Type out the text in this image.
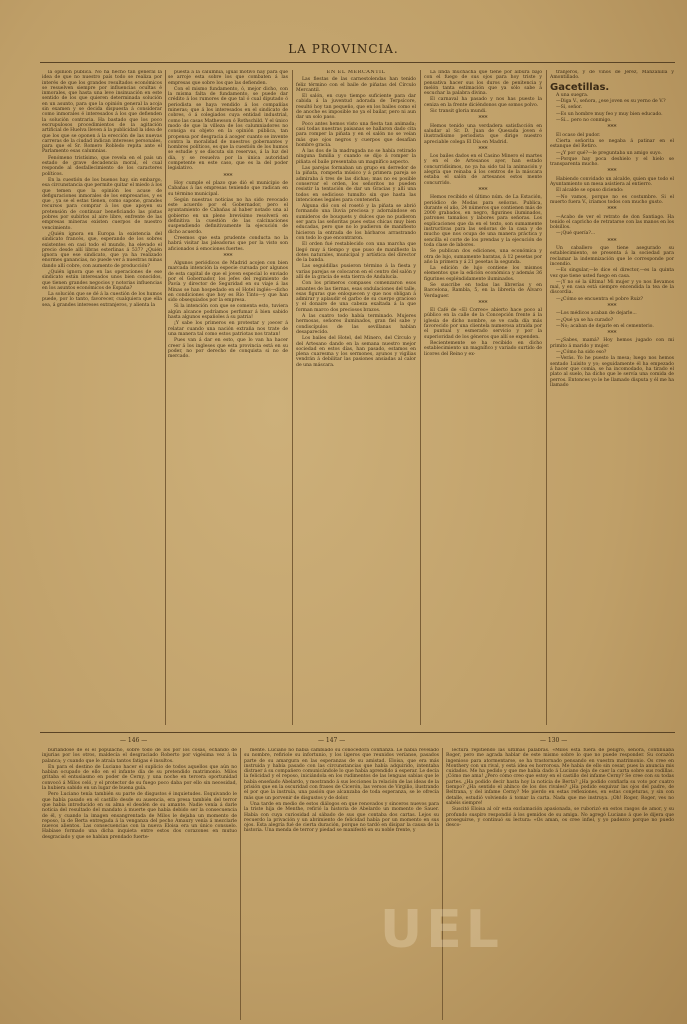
LA PROVINCIA.

la opinión pública. No ha hecho tan general la idea de que no nuestro país todo se realiza por interés de que los grandes resultados económicos se resuelven siempre por influencias ocultas é inmorales, que hasta una leve insinuación en este sentido de los que quieren determinada solución en un asunto, para que la opinión general la acoja sin examen y se decida dispuesta á considerar como inmorales é interesados á los que defienden la solución contraria. Ha bastado que los poco escrupulosos procedimientos de la agitación artificial de Huelva lleven á la publicidad la idea de que los que se oponen á la erección de las nuevas carreras de la ciudad indican intereses personales, para que el Sr. Romero Robledo repita ante el Parlamento esas calumnias.

Fenómeno tristísimo, que revela en el país un estado de grave decadencia moral, el cual responde al desfallecimiento de los caracteres políticos.

En la cuestión de los buenos hay, sin embargo, esa circunstancia que permite quitar el miedo á los que temen que la opinión les acuse de defiguraciones inmorales de los empresarios, y es que , ya se el estas tienen, como sapone, grandes recursos para comprar á los que apoyen su pretensión de continuar beneficiando las pistas pobres por subirlos al aire libre, enfrente de las empresas mineras existen cuerpos de nuestro vencimiento.

¿Quién ignora en Europa la existencia del sindicato francés, que, esperando de los sobres existentes en casi todo el mundo, ha elevado el precio desde allí libras esterlinas á 537? ¿Quién ignora que ese sindicato, que ya ha realizado enormes ganancias, no puede ver á nuestras minas dando allí cobre, con aumento de producción?

¿Quién ignora que en las operaciones de ese sindicato están interesados unos bien conocidos, que tienen grandes negocios y notorias influencias en los asuntos económicos de España?

La solución que se dé á la cuestión de los humos puede, por lo tanto, favorecer, cualquiera que ella sea, á grandes intereses extranjeros, y alienta la

puesta á la calumnia, igual motivo hay para que se arroje esta sobre los que combaten á las empresas que sobre los que las defienden.

Con el mismo fundamento, ó, mejor dicho, con la misma falta de fundamento, se puede dar crédito á los rumores de que tal ó cual diputado ó periodista se haya vendido á los compañías mineras; que á los interesados en el sindicato de cobres, ó á colegiados cuya entidad industrial, como las casas Mathewson ó Rothschild. Y el único modo de que la villeza de los calumniadores no consiga su objeto en la opinión pública, tan propensa por desgracia á acoger cuanto se invente contra la moralidad de nuestros gobernantes y hombres políticos, es que la cuestión de los humos se estudie y se discuta sin reservas, á la luz del día, y se resuelva por la única autoridad competente en este caso, que es la del poder legislativo.

***

Hoy cumple el plazo que dió el municipio de Cabañas á las empresas teniendo que radican en su término municipal.

Según nuestras noticias no ha sido revocado este acuerdo por el Gobernador, pero el ayuntamiento de Cabañas al haber notado una al gobierno en un pleno brevísimo resolverá en definitiva la cuestión de las calcinaciones suspendiendo definitivamente la ejecución de dicho acuerdo.

Creemos que esta prudente conducta no la habrá visitar las jaleadoras que por la visto son aficionados á emociones fuertes.

***

Algunos periódicos de Madrid acojen con bien marcada intención la especie cursada por algunos de esta capital de que el joven especial lo enviado por el Gobernador, los jefes del regimiento de Pavía y director de Seguridad en su viaje á las Minas se han hospedado en el Hotel inglés—dicho en condiciones que hoy es Río Tinto—y que han sido obsequiados por la empresa.

Si la intención con que se comenta esto, tuviera algún alcance podríamos perfumar á bien sabido hasta algunos españoles á su patria!

¡Y sabe los primeros en protestar y ¡oecer á relatar cuando una nación extraña nos trate de una manera tal como estos patriotas nos tratan!

Pues van á dar en esto, que lo van ha hacer creer á los ingleses que esta provincia está en su poder, no por derecho de conquista si no de mercado.

EN EL MERCANTIL

Las fiestas de las carnestolendas han tenido feliz término con el baile de piñatas del Círculo Mercantil.

El salón, en cuyo tiempo suficiente para dar cabida á la juventud adorada de Terpsícore, resultó hoy tan pequeño, que en los bailes como el de anoche es imposible no ya el bailar, pero ni aun dar un solo paso.

Poco antes hemos visto una fiesta tan animada; casi todas nuestras paisanas se hallaron dado cita para romper la piñata y en el salón no se veían más que ojos negros y cuerpos que desafían hombre gracia.

Á las dos de la madrugada no se había retirado ninguna familia y cuando se dijo á romper la piñata el baile presentaba un magnífico aspecto.

Las parejas formaban un grupo en derredor de la piñata, romperla músico y á primera pareja se admiraba á tres de las dichas; mas no es posible conservar el orden, los señoritos no pueden resistir la tentación de dar un Gracias y allí una todos en sedicioso tumulto sin que hasta las intenciones legales para contenerla.

Alguna dió con el rosetó y la piñata se abrió formando una lluvia preciosa y adornándose en sumideros de bouquets y dulces que no pudieron ser para las señoritas pues estas chicas muy bien educadas, pero que no lo pudieron de manifiesto hicieron la entrada de los bárbaros arrastrando con todo lo que encontraron.

El orden fué restablecido con una marcha que llegó muy á tiempo y que puso de manifiesto la dotes naturales, municipal y artística del director de la banda.

Las seguidillas pusieron término á la fiesta y varias parejas se colocaron en el centro del salón y allí de la gracia de esta tierra de Andalucía.

Con los primeros compases comenzaron esos amantes de las tiernas, esas ondulaciones del talle, esas figuras que enloquecen y que nos obligan á admirar y aplaudir el garbo de su cuerpo gracioso y el donaire de una cabeza exaltada á la que forman marco dos preciosos brazos.

A las cuatro todo había terminado. Mujeres hermosas, señores iluminados, gran fiel sabe y condiscípulos de las sevillanas habían desaparecido.

Los bailes del Hotel, del Minero, del Círculo y del Artesano dando en la semana nuestro mejor sociedad en estos días, han pasado, estamos en plena cuaresma y los sermones, ayunos y vigilias vendrán á debilitar las pasiones ansiadas al calor de una máscara.

La linda muchacha que tiene por albura bajo con el fuego de sus ojos para hoy triste y pensativa hacer sus los duros de penitencia y melón tanta estimación que ya sólo sabe á escuchar la palabra divina.

El carnaval ha pasado y nos has puesto la ceniza en la frente diciéndonos que somos polvo.

Sic transit gloria mundi.

***

Hemos tenido una verdadera satisfacción en saludar al Sr. D. Juan de Quesada joven é ilustradísimo periodista que dirige nuestro apreciable colega El Día en Madrid.

***

Los bailes dados en el Casino Minero el martes y en el de Artesanos ayer, han estado concurridísimos, no ya ha sido tal la animación y alegría que reinaba á los centros de la máscara estaba el salón de artesanos estos mente concurrido.

***

Hemos recibido el último núm. de La Estación, periódico de Modas para señoras. Publica, durante el año, 24 números que contienen más de 2000 grabados, en negro, figurines iluminados, patrones tamaños y labores para señoras. Los explicaciones que da en el texto, son sumamente instructivas para las señoras de la casa y de mucho que nos ocupa de una manera práctica y sencilla el corte de los prendas y la ejecución de toda clase de labores.

Se publican dos ediciones, una económica y otra de lujo, sumamente baratas, á 12 pesetas por año la primera y á 21 pesetas la segunda.

La edición de lujo contiene los mismos elementos que la edición económica y además 36 figurines espléndidamente iluminados.

Se suscribe en todas las librerías y en Barcelona, Rambla, 5, en la librería de Álvaro Verdaguer.

***

El Café de «El Correo» abierto hace poco al público en la calle de la Concepción frente á la iglesia de dicho nombre, se ve cada día más favorecido por una clientela numerosa atraída por el puntual y esmerado servicio y por la superioridad de los géneros que allí se expenden.

Recientemente se ha recibido en dicho establecimiento un magnífico y variado surtido de licores del Reino y ex-

tranjeros, y de vinos de Jerez, Manzanilla y Amontillado.

Gacetillas.

A una suegra.

—Diga V., señora, ¿ese joven es su yerno de V.?

—Sí, señor.

—Es un hombre muy feo y muy bien educado.

—Sí... pero no conmigo.

***

El ocaso del pudor.

Cierta señorita se negaba á patinar en el estanque del Retiro.

—¿Y por qué?—le preguntaba un amigo suyo.

—Porque hay poca deshielo y el hielo se transparenta mucho.

***

Habiendo convidado un alcalde, quien que todo el Ayuntamiento un mesa asistiera al entierro.

El alcalde se opuso diciendo:

—No vamos, porque no es costumbre. Si el muerto fuera V., iríamos todos con mucho gusto.

***

—Acabo de ver el retrato de don Santiago. Ha tenido el capricho de retratarse con las manos en los bolsillos.

—¡Qué quería?...

***

Un caballero que tiene asegurado su establecimiento, se presenta á la sociedad para reclamar la indemnización que le corresponde por incendio.

—Es singular,—le dice el director,—es la quinta vez que tiene usted fuego en casa.

—¡Y no sé la última! Mi mujer y yo nos llevamos mal, y en casa está siempre encendida la tea de la discordia.

—¿Cómo se encuentra el pobre Ruiz?

***

—Los médicos acaban de dejarle...

—¿Qué ya se ha curado?

—No; acaban de dejarle en el cementerio.

***

—¿Sabes, mamá? Hoy hemos jugado con mi primito á marido y mujer.

—¿Cómo ha sido eso?

—Verás. Yo he puesto la mesa; luego nos hemos sentado Luisito y yo; seguidamente él ha empezado á hacer que comía, se ha incomodado, ha tirado el plato al suelo, ha dicho que le servía una comida de perros. Entonces yo le he llamado disputa y él me ha llamado

— 146 —	— 147 —	— 130 —

burlándose de él el populacho, sobre todo de los por los cosas, echando de injurias por los otros, maldecía el desgraciado Roberto por vigésima vez á la palanca; y cuando que le atraía tantos fatigas é insultos.

En para el destino de Luciano hacer el suplicio de todos aquellos que aún no habían ocupado de ello en el infante día de su pretendido matrimonio. Milos gritaba el entusiasmo en poder de Cerny, y una noche en tercera oportunidad convocó á Milos celó, y el protector de su fuego poco daba por ello sin necesidad, la hubiera sabido en un lugar de buena guía.

Pero Luciano tenía también su parte de disgustos é inquietudes. Esquivando le que había pasado en el castillo desde su ausencia, era presa también del terror que había introducido en su alma el desdén de su amante. Nadie venía á darle noticia del resultado del mandato á muerte que había debido ser la consecuencia de él, y cuando la imagen ensangrentada de Milos le dejaba un momento de reposo, la de Berta entregada á la venganza del pecho Amaury venía á mezclarle nuevos alientos. Las consecuencias con la nueva Eloisa era un único consuelo. Habíase formado una dicha inquieta entre estos dos corazones en mutuo desgraciado y que se habían prendado fuerte-

mente. Luciano no había cambiado su conocedora confianza. Le había revelado su nombre, refiriole su infortunio, y los ligeros que reunidos veríanse, pasados parte de su amargura en las esperanzas de su amistad. Eloisa, que era más instruida y había pasado con las circunstancias que había adquirido, intentaba distraer á su compañero comunicándole lo que había aprendido á esperar. Le decía la felicidad y el reposo, iniciándola en los rudimentos de las lenguas sabias que le había enseñado Abelardo, y mostrando á sus lecciones la relación de las ideas de la prisión que en la oscuridad con frases de Cicerón, las versos de Virgilio, ilustrando el por que la instruía, una pasión que alcanzaba de toda esperanza, se le ofrecía más que un porvenir de disgustos y de dolor.

Una tarde en medio de estos diálogos en que renovados y sinceros nuevos para la triste hija de Menthe, refirió la historia de Abelardo un momento de Sauer. Había con cuya curiosidad al sábado de sus que contaba dos cartas. Lejos su recuerdo la privación y un abrimiento de felicidad había por un momento en sus ojos. Esta alegría fué de cierta duración, porque no tardó en dísipar la causa de la historia. Una menda de terror y piedad se manifestó en su noble frente, y

lectura repitiendo las últimas palabras. «Milos está fuera de peligro, señora, continuaba Roger, pero me agrada hablar de este mismo sobre lo que no puede responder. Su corazón ingenioso para atormentarse, se ha trastornado pensando en vuestra matrimonio. Os cree en Monthery con un rival, y está idea es horrorosa. Me había de ello sin cesar, pues la anuncia mis cuidados. Me ha pedido y que me había dado á Luciano deja de caer la carta sobre sus rodillas. ¡Cómo me ama! ¿Pero cómo creo que estoy en el castillo del infame Cerny? Se cree con su todas partes. ¿Ha podido decir hasta hoy la noticia de Berta? ¿Ha podido confiarla su voto por cuatro tiempo? ¿Ha sentido el ahínco de los dos rivales? ¿Ha podido esquivar las ojos del padre, de Beltrana, y del infame Cerny? Me pierdo en estas reflexiones, en estas conjeturas, y sin con detalle, estudió volviendo á tomar la carta. Nada que me instruya. ¡Oh! Roger, Roger, ves no sabéis siempre!

Suscitó Eloisa al oír esta exclamación apasionada, se ruborizó en estos rasgos de amor, y su profundo suspiro respondió á los gemidos de su amiga. No agregó Luciano á que le dijera que proseguirse, y continuó su lectura: «Os aman, os cree infiel, y yo padezco porque no puedo desco-

UEL
